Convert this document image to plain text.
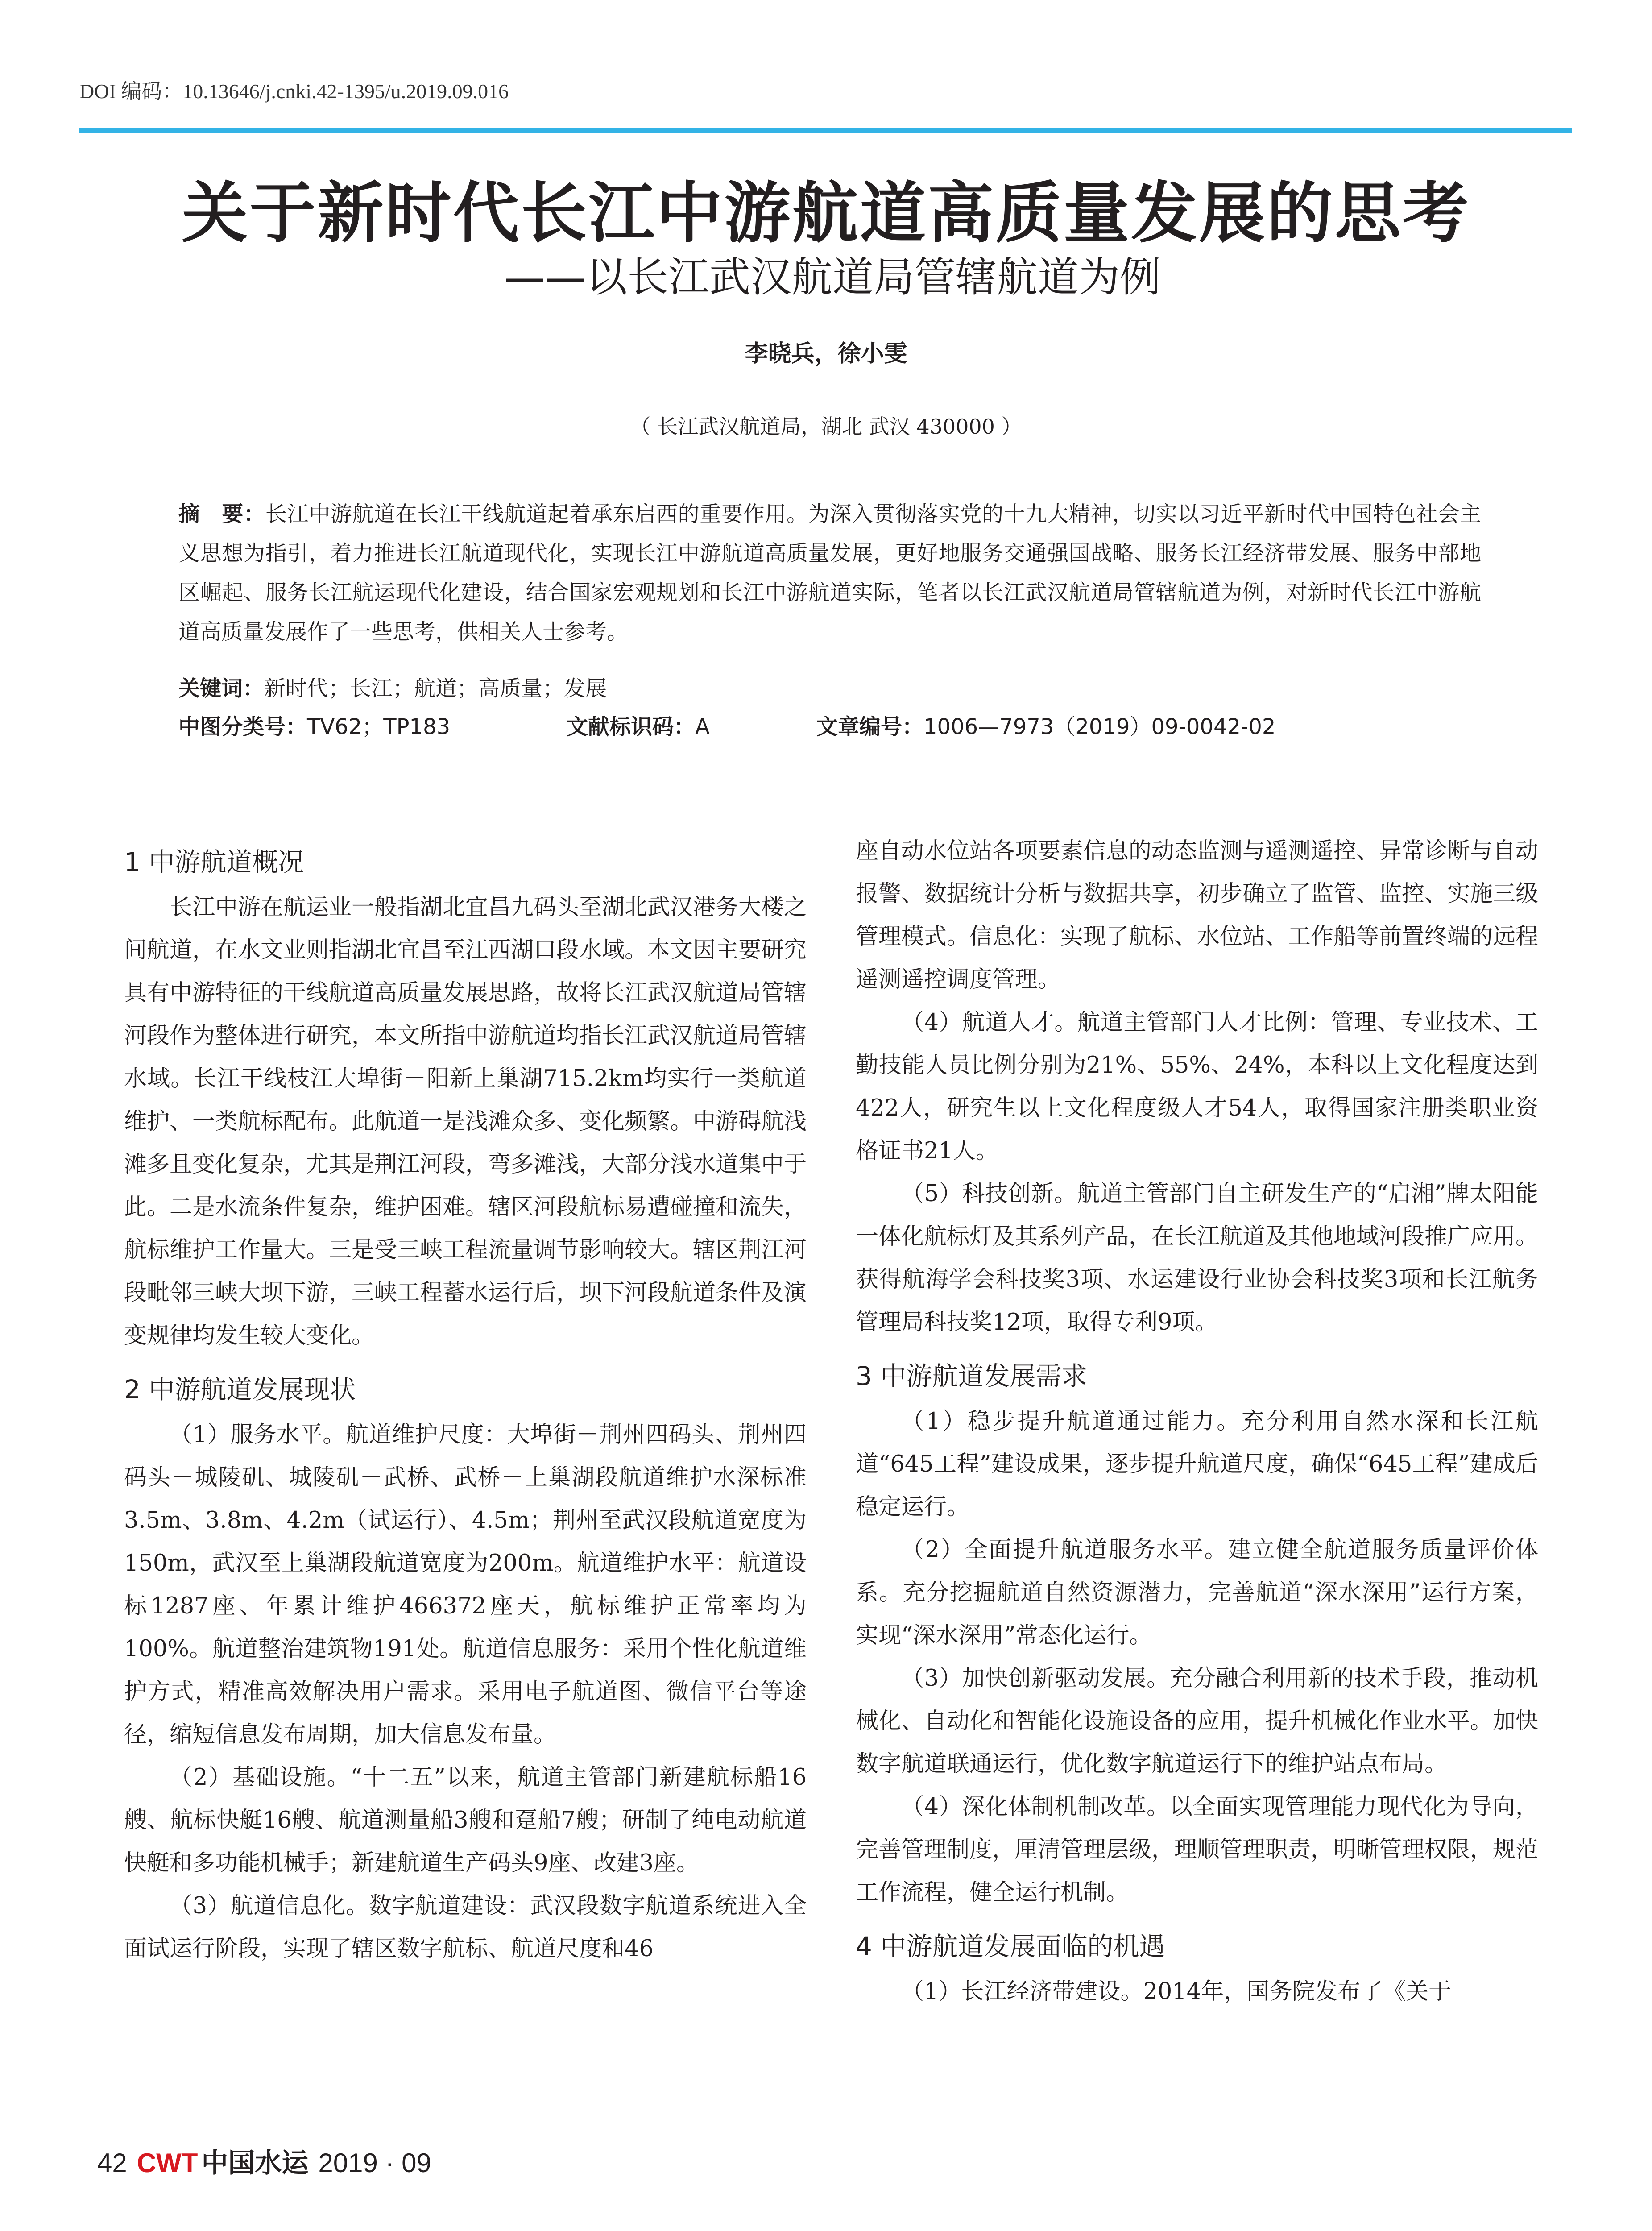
DOI 编码：10.13646/j.cnki.42-1395/u.2019.09.016
关于新时代长江中游航道高质量发展的思考
——以长江武汉航道局管辖航道为例
李晓兵，徐小雯
（ 长江武汉航道局，湖北 武汉 430000 ）
摘　要：长江中游航道在长江干线航道起着承东启西的重要作用。为深入贯彻落实党的十九大精神，切实以习近平新时代中国特色社会主义思想为指引，着力推进长江航道现代化，实现长江中游航道高质量发展，更好地服务交通强国战略、服务长江经济带发展、服务中部地区崛起、服务长江航运现代化建设，结合国家宏观规划和长江中游航道实际，笔者以长江武汉航道局管辖航道为例，对新时代长江中游航道高质量发展作了一些思考，供相关人士参考。
关键词：新时代；长江；航道；高质量；发展
中图分类号：TV62；TP183	文献标识码：A	文章编号：1006—7973（2019）09-0042-02
1 中游航道概况

长江中游在航运业一般指湖北宜昌九码头至湖北武汉港务大楼之间航道，在水文业则指湖北宜昌至江西湖口段水域。本文因主要研究具有中游特征的干线航道高质量发展思路，故将长江武汉航道局管辖河段作为整体进行研究，本文所指中游航道均指长江武汉航道局管辖水域。长江干线枝江大埠街－阳新上巢湖715.2km均实行一类航道维护、一类航标配布。此航道一是浅滩众多、变化频繁。中游碍航浅滩多且变化复杂，尤其是荆江河段，弯多滩浅，大部分浅水道集中于此。二是水流条件复杂，维护困难。辖区河段航标易遭碰撞和流失，航标维护工作量大。三是受三峡工程流量调节影响较大。辖区荆江河段毗邻三峡大坝下游，三峡工程蓄水运行后，坝下河段航道条件及演变规律均发生较大变化。

2 中游航道发展现状

（1）服务水平。航道维护尺度：大埠街－荆州四码头、荆州四码头－城陵矶、城陵矶－武桥、武桥－上巢湖段航道维护水深标准3.5m、3.8m、4.2m（试运行）、4.5m；荆州至武汉段航道宽度为150m，武汉至上巢湖段航道宽度为200m。航道维护水平：航道设标1287座、年累计维护466372座天，航标维护正常率均为100%。航道整治建筑物191处。航道信息服务：采用个性化航道维护方式，精准高效解决用户需求。采用电子航道图、微信平台等途径，缩短信息发布周期，加大信息发布量。

（2）基础设施。“十二五”以来，航道主管部门新建航标船16艘、航标快艇16艘、航道测量船3艘和趸船7艘；研制了纯电动航道快艇和多功能机械手；新建航道生产码头9座、改建3座。

（3）航道信息化。数字航道建设：武汉段数字航道系统进入全面试运行阶段，实现了辖区数字航标、航道尺度和46

座自动水位站各项要素信息的动态监测与遥测遥控、异常诊断与自动报警、数据统计分析与数据共享，初步确立了监管、监控、实施三级管理模式。信息化：实现了航标、水位站、工作船等前置终端的远程遥测遥控调度管理。

（4）航道人才。航道主管部门人才比例：管理、专业技术、工勤技能人员比例分别为21%、55%、24%，本科以上文化程度达到422人，研究生以上文化程度级人才54人，取得国家注册类职业资格证书21人。

（5）科技创新。航道主管部门自主研发生产的“启湘”牌太阳能一体化航标灯及其系列产品，在长江航道及其他地域河段推广应用。获得航海学会科技奖3项、水运建设行业协会科技奖3项和长江航务管理局科技奖12项，取得专利9项。

3 中游航道发展需求

（1）稳步提升航道通过能力。充分利用自然水深和长江航道“645工程”建设成果，逐步提升航道尺度，确保“645工程”建成后稳定运行。

（2）全面提升航道服务水平。建立健全航道服务质量评价体系。充分挖掘航道自然资源潜力，完善航道“深水深用”运行方案，实现“深水深用”常态化运行。

（3）加快创新驱动发展。充分融合利用新的技术手段，推动机械化、自动化和智能化设施设备的应用，提升机械化作业水平。加快数字航道联通运行，优化数字航道运行下的维护站点布局。

（4）深化体制机制改革。以全面实现管理能力现代化为导向，完善管理制度，厘清管理层级，理顺管理职责，明晰管理权限，规范工作流程，健全运行机制。

4 中游航道发展面临的机遇

（1）长江经济带建设。2014年，国务院发布了《关于

42 CWT 中国水运 2019 · 09
